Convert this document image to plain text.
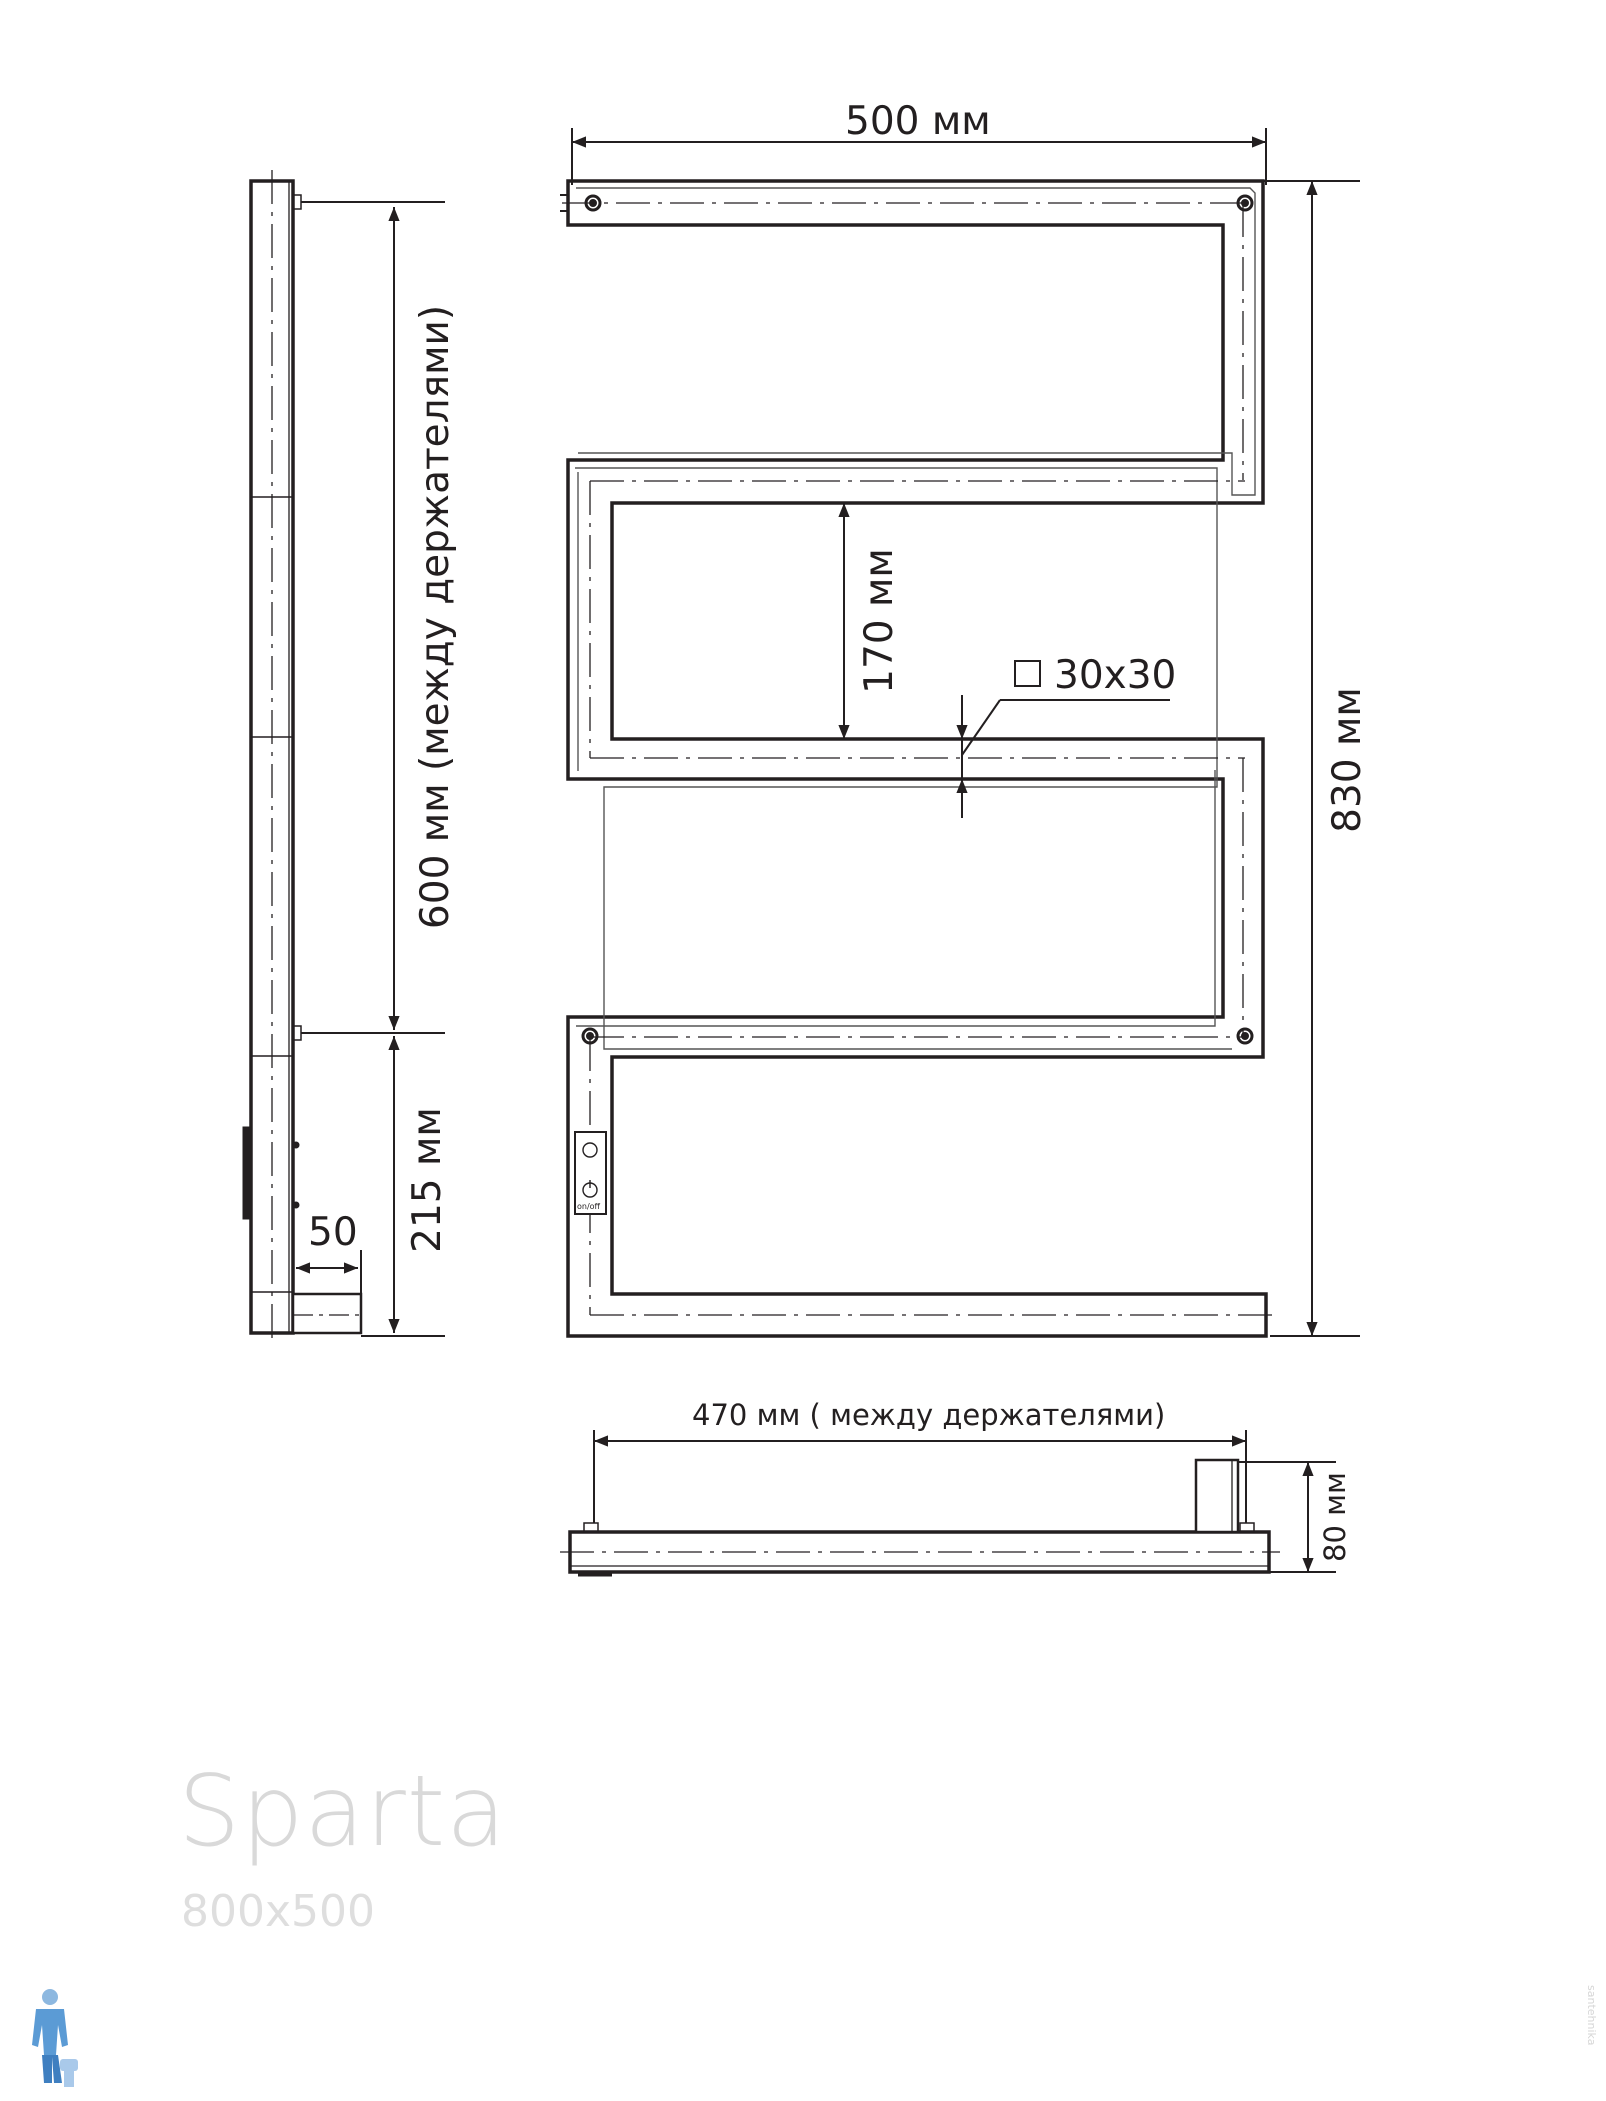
on/off
500 мм
830 мм
170 мм	30x30
600 мм (между держателями)
215 мм
50
470 мм ( между держателями)
80 мм
Sparta
800x500
santehnika
